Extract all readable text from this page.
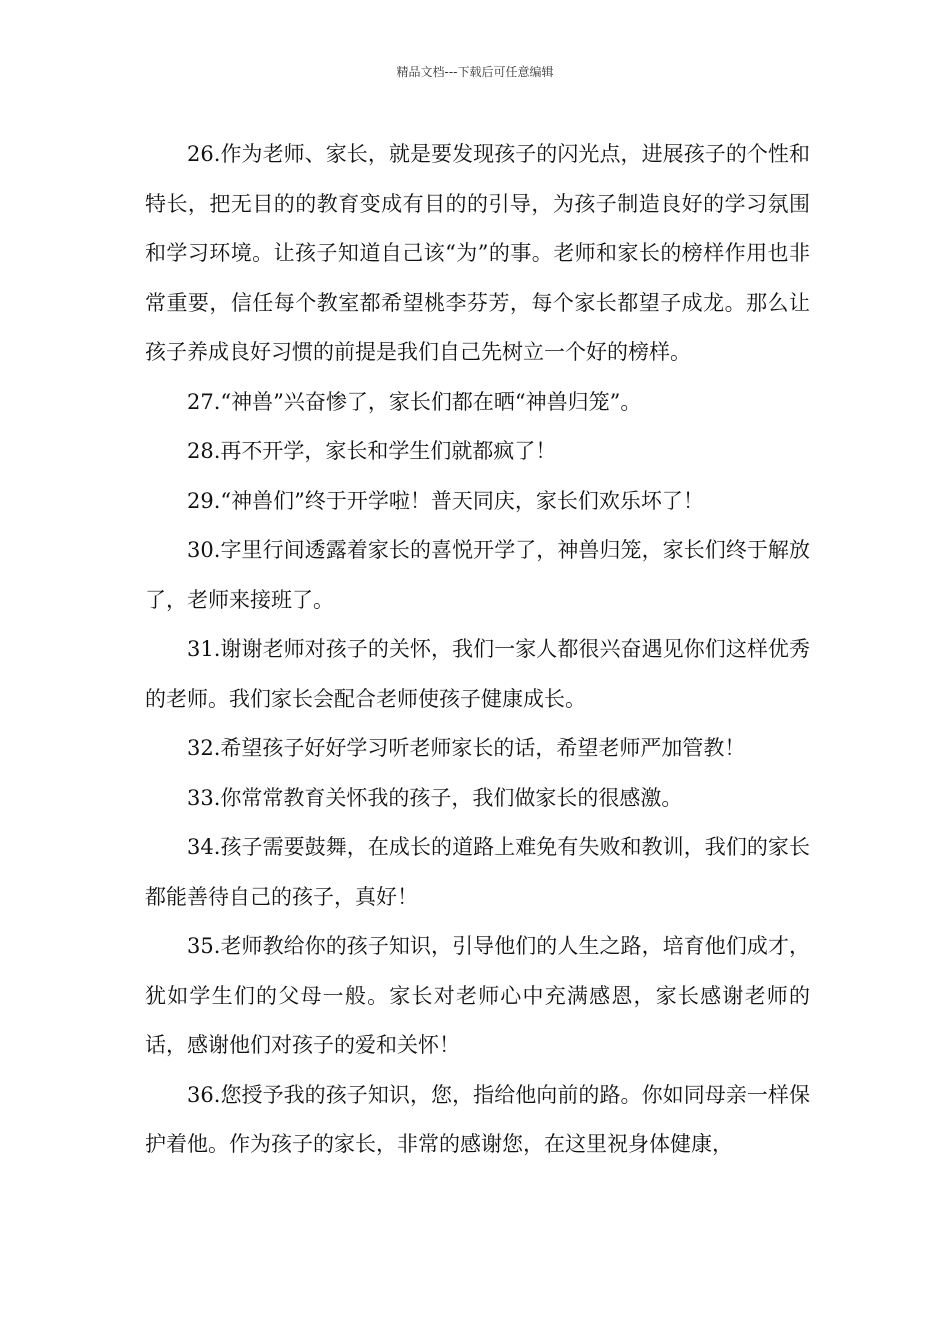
精品文档---下载后可任意编辑

26.作为老师、家长，就是要发现孩子的闪光点，进展孩子的个性和特长，把无目的的教育变成有目的的引导，为孩子制造良好的学习氛围和学习环境。让孩子知道自己该“为”的事。老师和家长的榜样作用也非常重要，信任每个教室都希望桃李芬芳，每个家长都望子成龙。那么让孩子养成良好习惯的前提是我们自己先树立一个好的榜样。

27.“神兽”兴奋惨了，家长们都在晒“神兽归笼”。

28.再不开学，家长和学生们就都疯了！

29.“神兽们”终于开学啦！普天同庆，家长们欢乐坏了！

30.字里行间透露着家长的喜悦开学了，神兽归笼，家长们终于解放了，老师来接班了。

31.谢谢老师对孩子的关怀，我们一家人都很兴奋遇见你们这样优秀的老师。我们家长会配合老师使孩子健康成长。

32.希望孩子好好学习听老师家长的话，希望老师严加管教！

33.你常常教育关怀我的孩子，我们做家长的很感激。

34.孩子需要鼓舞，在成长的道路上难免有失败和教训，我们的家长都能善待自己的孩子，真好！

35.老师教给你的孩子知识，引导他们的人生之路，培育他们成才，犹如学生们的父母一般。家长对老师心中充满感恩，家长感谢老师的话，感谢他们对孩子的爱和关怀！

36.您授予我的孩子知识，您，指给他向前的路。你如同母亲一样保护着他。作为孩子的家长，非常的感谢您，在这里祝身体健康，
